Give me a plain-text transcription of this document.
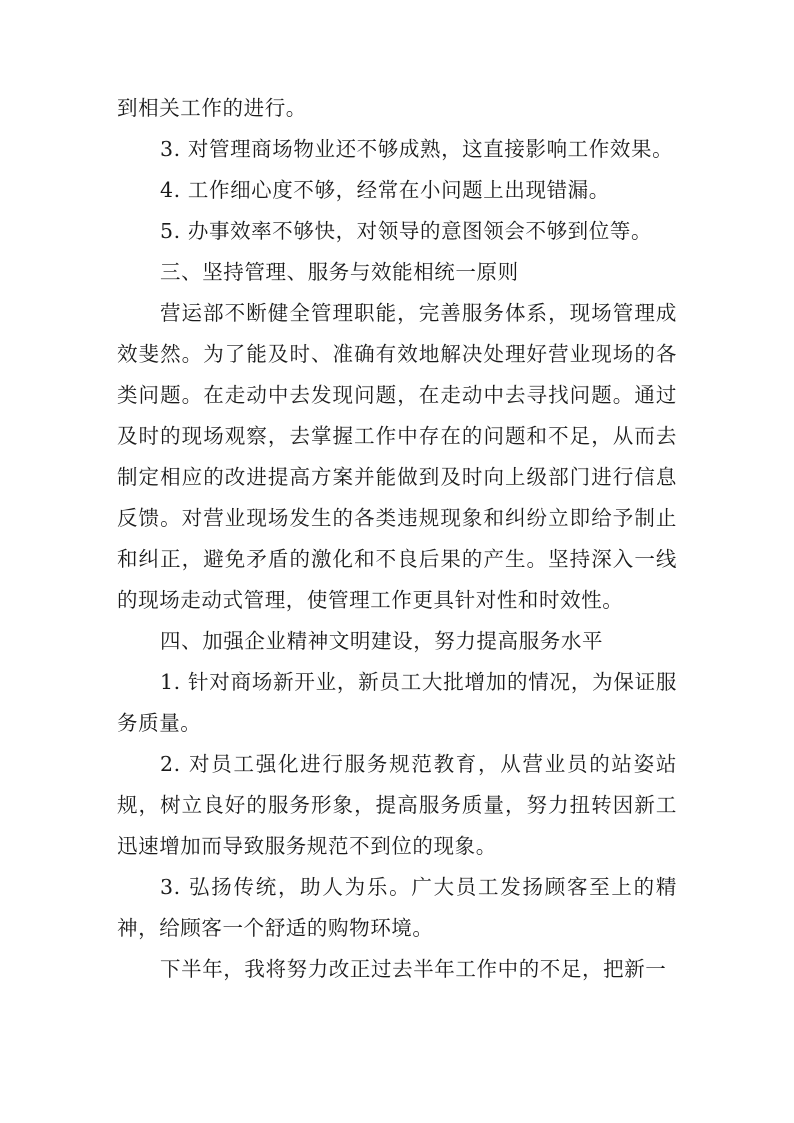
到相关工作的进行。

3. 对管理商场物业还不够成熟，这直接影响工作效果。

4. 工作细心度不够，经常在小问题上出现错漏。

5. 办事效率不够快，对领导的意图领会不够到位等。

三、坚持管理、服务与效能相统一原则

营运部不断健全管理职能，完善服务体系，现场管理成效斐然。为了能及时、准确有效地解决处理好营业现场的各类问题。在走动中去发现问题，在走动中去寻找问题。通过及时的现场观察，去掌握工作中存在的问题和不足，从而去制定相应的改进提高方案并能做到及时向上级部门进行信息反馈。对营业现场发生的各类违规现象和纠纷立即给予制止和纠正，避免矛盾的激化和不良后果的产生。坚持深入一线的现场走动式管理，使管理工作更具针对性和时效性。

四、加强企业精神文明建设，努力提高服务水平

1. 针对商场新开业，新员工大批增加的情况，为保证服务质量。

2. 对员工强化进行服务规范教育，从营业员的站姿站规，树立良好的服务形象，提高服务质量，努力扭转因新工迅速增加而导致服务规范不到位的现象。

3. 弘扬传统，助人为乐。广大员工发扬顾客至上的精神，给顾客一个舒适的购物环境。

下半年，我将努力改正过去半年工作中的不足，把新一
